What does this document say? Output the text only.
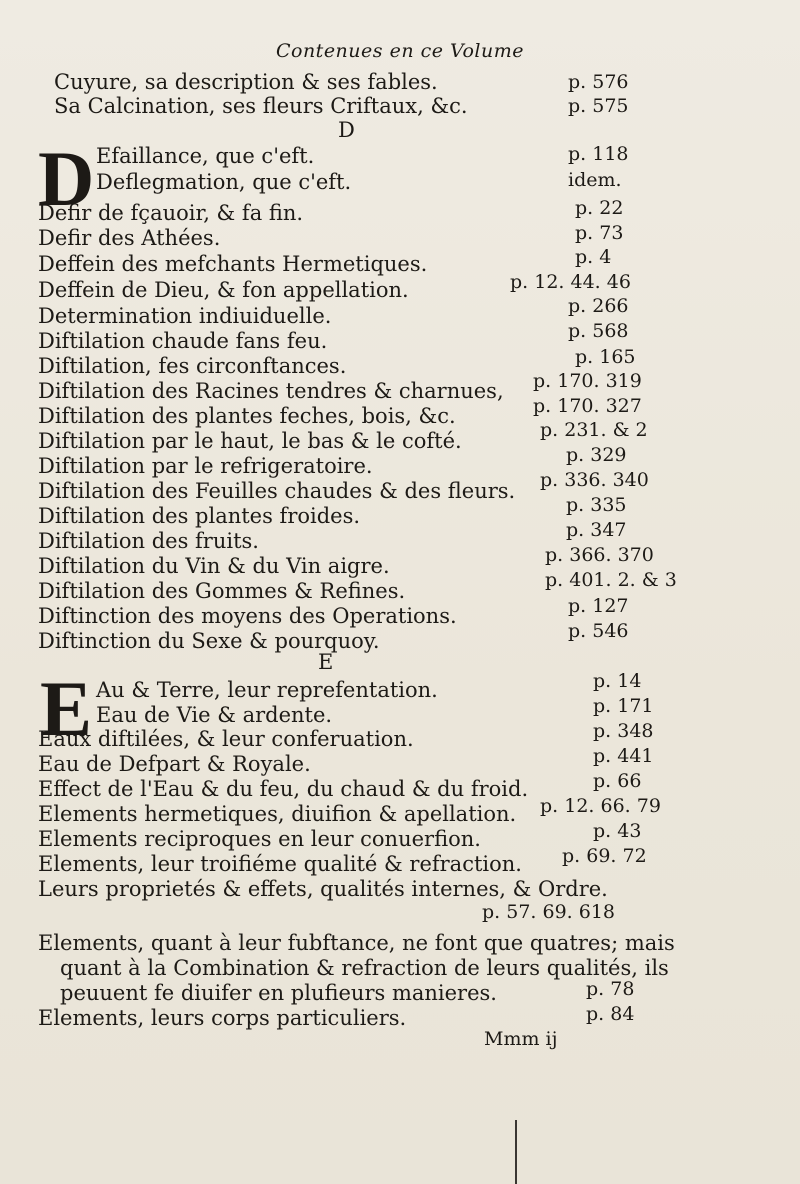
Contenues en ce Volume
Cuyure, sa description & ses fables.	p. 576
Sa Calcination, ses fleurs Criftaux, &c.	p. 575
D
D Efaillance, que c'eft.	p. 118
Deflegmation, que c'eft.	idem.
Defir de fçauoir, & fa fin.	p. 22
Defir des Athées.	p. 73
Deffein des mefchants Hermetiques.	p. 4
Deffein de Dieu, & fon appellation.	p. 12. 44. 46
Determination indiuiduelle.	p. 266
Diftilation chaude fans feu.	p. 568
Diftilation, fes circonftances.	p. 165
Diftilation des Racines tendres & charnues, p. 170. 319
Diftilation des plantes feches, bois, &c.	p. 170. 327
Diftilation par le haut, le bas & le cofté.	p. 231. & 2
Diftilation par le refrigeratoire.	p. 329
Diftilation des Feuilles chaudes & des fleurs. p. 336. 340
Diftilation des plantes froides.	p. 335
Diftilation des fruits.	p. 347
Diftilation du Vin & du Vin aigre.	p. 366. 370
Diftilation des Gommes & Refines.	p. 401. 2. & 3
Diftinction des moyens des Operations.	p. 127
Diftinction du Sexe & pourquoy.	p. 546
E
E Au & Terre, leur reprefentation.	p. 14
Eau de Vie & ardente.	p. 171
Eaux diftilées, & leur conferuation.	p. 348
Eau de Defpart & Royale.	p. 441
Effect de l'Eau & du feu, du chaud & du froid.	p. 66
Elements hermetiques, diuifion & apellation. p. 12. 66. 79
Elements reciproques en leur conuerfion.	p. 43
Elements, leur troifiéme qualité & refraction. p. 69. 72
Leurs proprietés & effets, qualités internes, & Ordre.
p. 57. 69. 618
Elements, quant à leur fubftance, ne font que quatres; mais
quant à la Combination & refraction de leurs qualités, ils
peuuent fe diuifer en plufieurs manieres.	p. 78
Elements, leurs corps particuliers.	p. 84
Mmm ij
